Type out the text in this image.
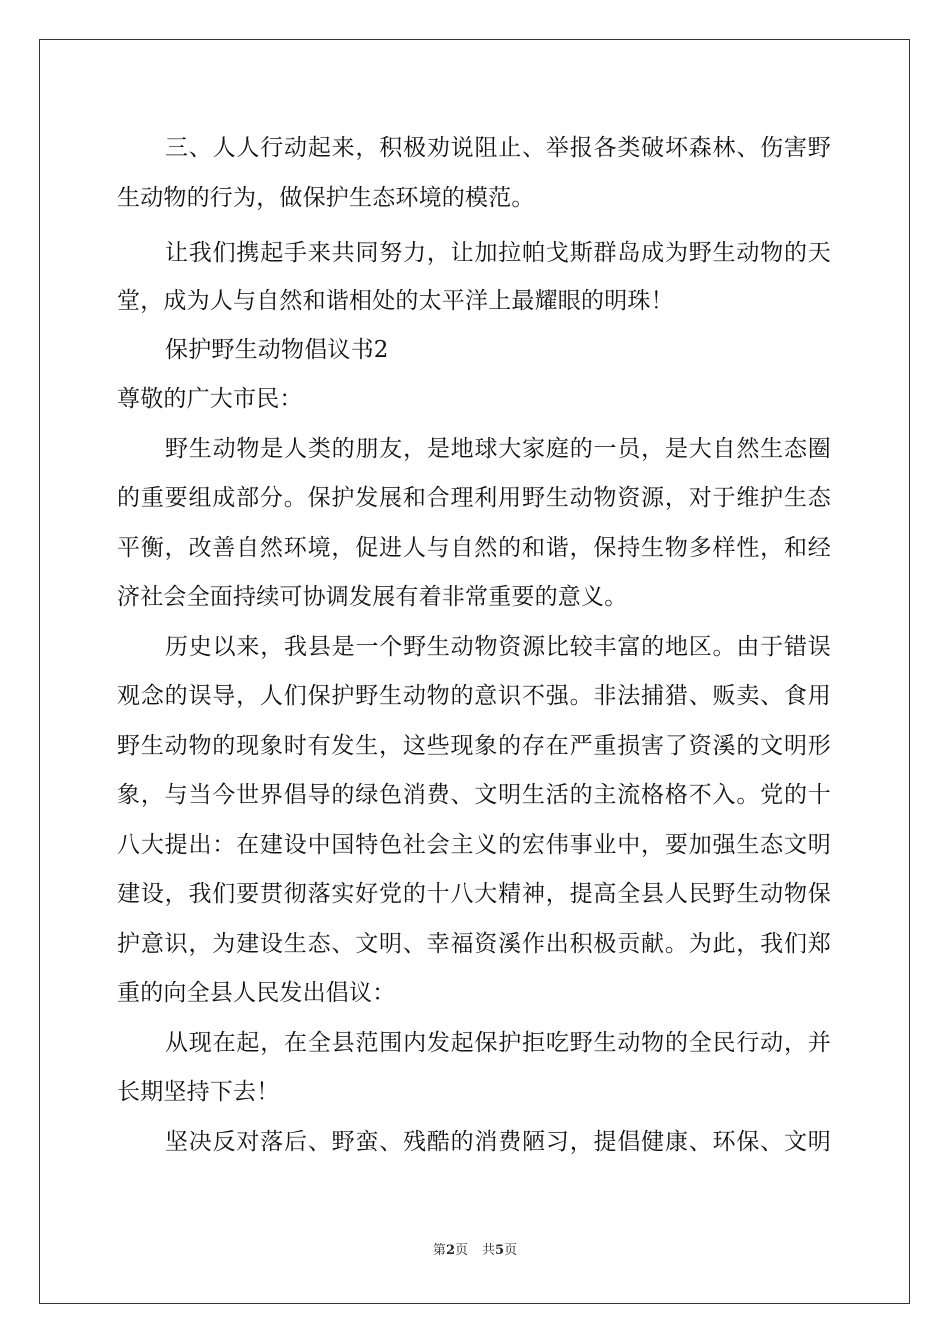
三、人人行动起来，积极劝说阻止、举报各类破坏森林、伤害野
生动物的行为，做保护生态环境的模范。
让我们携起手来共同努力，让加拉帕戈斯群岛成为野生动物的天
堂，成为人与自然和谐相处的太平洋上最耀眼的明珠！
保护野生动物倡议书2
尊敬的广大市民：
野生动物是人类的朋友，是地球大家庭的一员，是大自然生态圈
的重要组成部分。保护发展和合理利用野生动物资源，对于维护生态
平衡，改善自然环境，促进人与自然的和谐，保持生物多样性，和经
济社会全面持续可协调发展有着非常重要的意义。
历史以来，我县是一个野生动物资源比较丰富的地区。由于错误
观念的误导，人们保护野生动物的意识不强。非法捕猎、贩卖、食用
野生动物的现象时有发生，这些现象的存在严重损害了资溪的文明形
象，与当今世界倡导的绿色消费、文明生活的主流格格不入。党的十
八大提出：在建设中国特色社会主义的宏伟事业中，要加强生态文明
建设，我们要贯彻落实好党的十八大精神，提高全县人民野生动物保
护意识，为建设生态、文明、幸福资溪作出积极贡献。为此，我们郑
重的向全县人民发出倡议：
从现在起，在全县范围内发起保护拒吃野生动物的全民行动，并
长期坚持下去！
坚决反对落后、野蛮、残酷的消费陋习，提倡健康、环保、文明
第2页 共5页
